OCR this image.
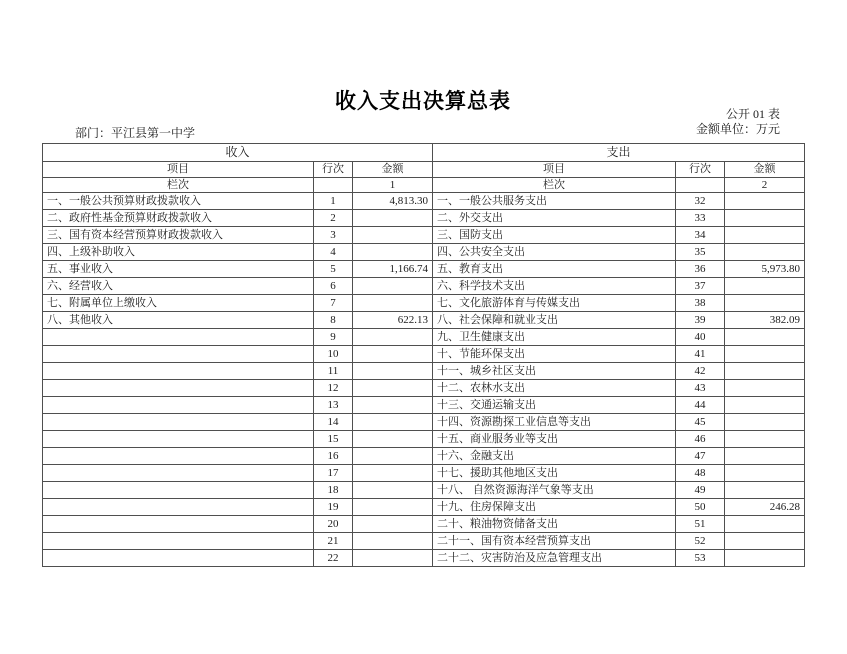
收入支出决算总表
公开 01 表
金额单位：万元
部门：平江县第一中学
收入			支出		
项目	行次	金额	项目	行次	金额
栏次		1	栏次		2
一、一般公共预算财政拨款收入	1	4,813.30	一、一般公共服务支出	32	
二、政府性基金预算财政拨款收入	2		二、外交支出	33	
三、国有资本经营预算财政拨款收入	3		三、国防支出	34	
四、上级补助收入	4		四、公共安全支出	35	
五、事业收入	5	1,166.74	五、教育支出	36	5,973.80
六、经营收入	6		六、科学技术支出	37	
七、附属单位上缴收入	7		七、文化旅游体育与传媒支出	38	
八、其他收入	8	622.13	八、社会保障和就业支出	39	382.09
	9		九、卫生健康支出	40	
	10		十、节能环保支出	41	
	11		十一、城乡社区支出	42	
	12		十二、农林水支出	43	
	13		十三、交通运输支出	44	
	14		十四、资源勘探工业信息等支出	45	
	15		十五、商业服务业等支出	46	
	16		十六、金融支出	47	
	17		十七、援助其他地区支出	48	
	18		十八、 自然资源海洋气象等支出	49	
	19		十九、住房保障支出	50	246.28
	20		二十、粮油物资储备支出	51	
	21		二十一、国有资本经营预算支出	52	
	22		二十二、灾害防治及应急管理支出	53	
